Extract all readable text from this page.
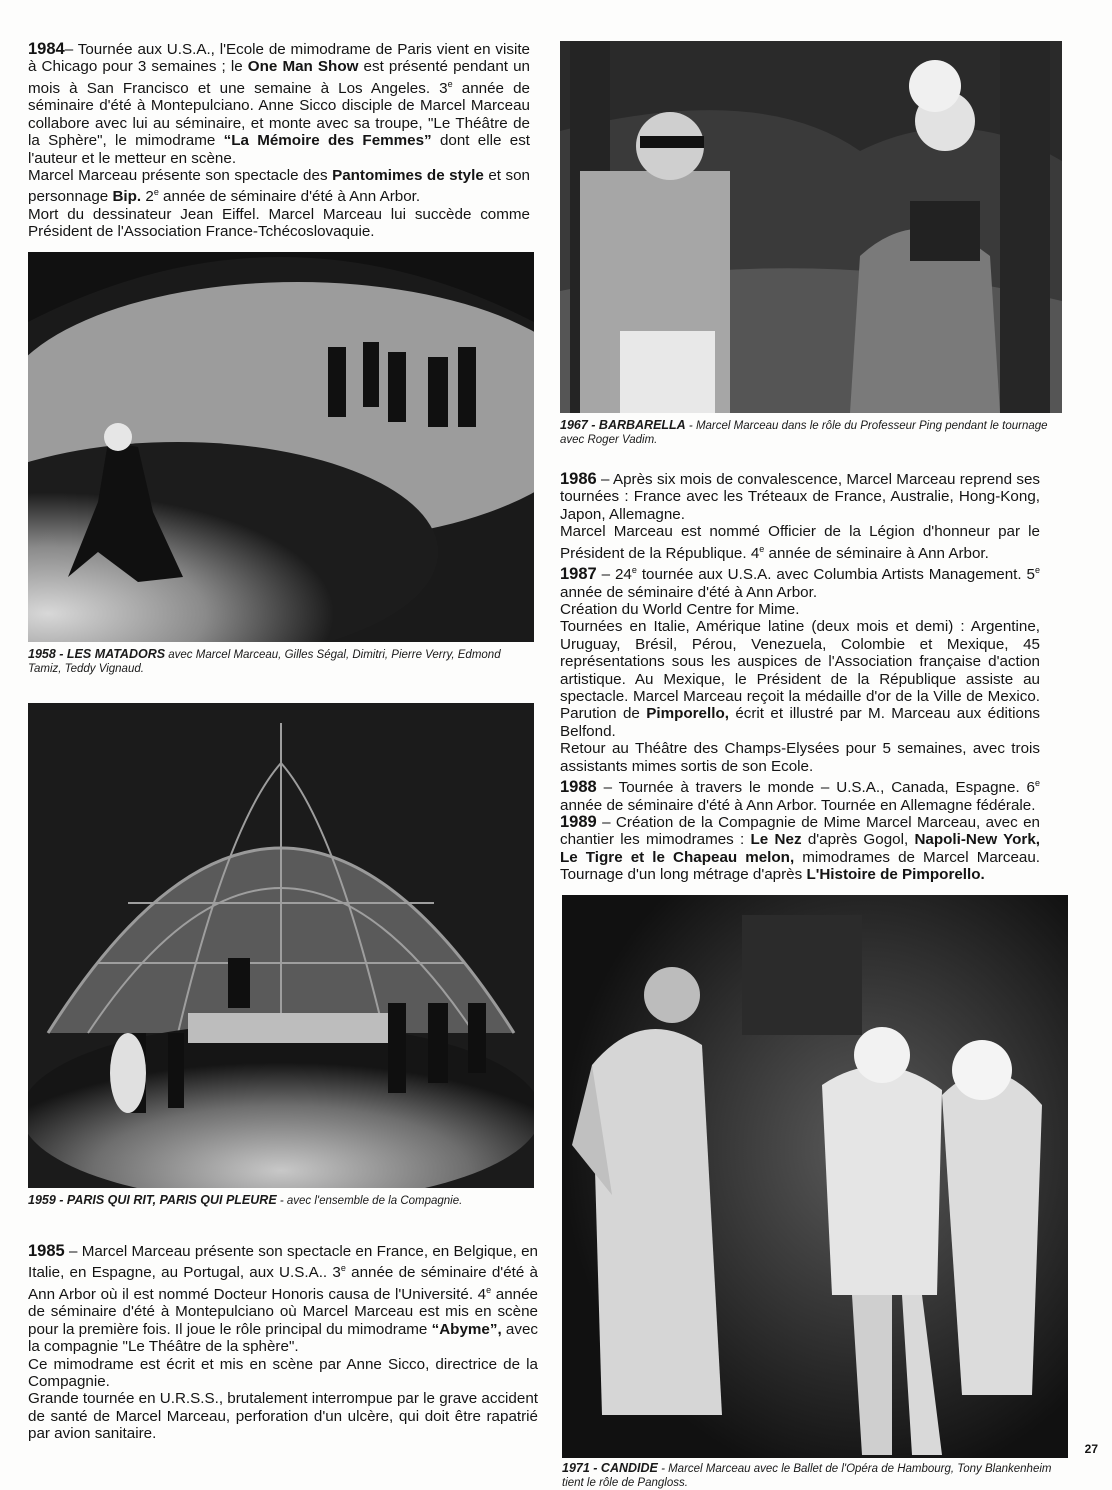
1984– Tournée aux U.S.A., l'Ecole de mimodrame de Paris vient en visite à Chicago pour 3 semaines ; le One Man Show est présenté pendant un mois à San Francisco et une semaine à Los Angeles. 3e année de séminaire d'été à Montepulciano. Anne Sicco disciple de Marcel Marceau collabore avec lui au séminaire, et monte avec sa troupe, "Le Théâtre de la Sphère", le mimodrame “La Mémoire des Femmes” dont elle est l'auteur et le metteur en scène.

Marcel Marceau présente son spectacle des Pantomimes de style et son personnage Bip. 2e année de séminaire d'été à Ann Arbor.

Mort du dessinateur Jean Eiffel. Marcel Marceau lui succède comme Président de l'Association France-Tchécoslovaquie.

1958 - LES MATADORS avec Marcel Marceau, Gilles Ségal, Dimitri, Pierre Verry, Edmond Tamiz, Teddy Vignaud.
1959 - PARIS QUI RIT, PARIS QUI PLEURE - avec l'ensemble de la Compagnie.

1985 – Marcel Marceau présente son spectacle en France, en Belgique, en Italie, en Espagne, au Portugal, aux U.S.A.. 3e année de séminaire d'été à Ann Arbor où il est nommé Docteur Honoris causa de l'Université. 4e année de séminaire d'été à Montepulciano où Marcel Marceau est mis en scène pour la première fois. Il joue le rôle principal du mimodrame “Abyme”, avec la compagnie "Le Théâtre de la sphère".

Ce mimodrame est écrit et mis en scène par Anne Sicco, directrice de la Compagnie.

Grande tournée en U.R.S.S., brutalement interrompue par le grave accident de santé de Marcel Marceau, perforation d'un ulcère, qui doit être rapatrié par avion sanitaire.

1967 - BARBARELLA - Marcel Marceau dans le rôle du Professeur Ping pendant le tournage avec Roger Vadim.

1986 – Après six mois de convalescence, Marcel Marceau reprend ses tournées : France avec les Tréteaux de France, Australie, Hong-Kong, Japon, Allemagne.

Marcel Marceau est nommé Officier de la Légion d'honneur par le Président de la République. 4e année de séminaire à Ann Arbor.

1987 – 24e tournée aux U.S.A. avec Columbia Artists Management. 5e année de séminaire d'été à Ann Arbor.

Création du World Centre for Mime.

Tournées en Italie, Amérique latine (deux mois et demi) : Argentine, Uruguay, Brésil, Pérou, Venezuela, Colombie et Mexique, 45 représentations sous les auspices de l'Association française d'action artistique. Au Mexique, le Président de la République assiste au spectacle. Marcel Marceau reçoit la médaille d'or de la Ville de Mexico. Parution de Pimporello, écrit et illustré par M. Marceau aux éditions Belfond.

Retour au Théâtre des Champs-Elysées pour 5 semaines, avec trois assistants mimes sortis de son Ecole.

1988 – Tournée à travers le monde – U.S.A., Canada, Espagne. 6e année de séminaire d'été à Ann Arbor. Tournée en Allemagne fédérale.

1989 – Création de la Compagnie de Mime Marcel Marceau, avec en chantier les mimodrames : Le Nez d'après Gogol, Napoli-New York, Le Tigre et le Chapeau melon, mimodrames de Marcel Marceau. Tournage d'un long métrage d'après L'Histoire de Pimporello.

1971 - CANDIDE - Marcel Marceau avec le Ballet de l'Opéra de Hambourg, Tony Blankenheim tient le rôle de Pangloss.
27
